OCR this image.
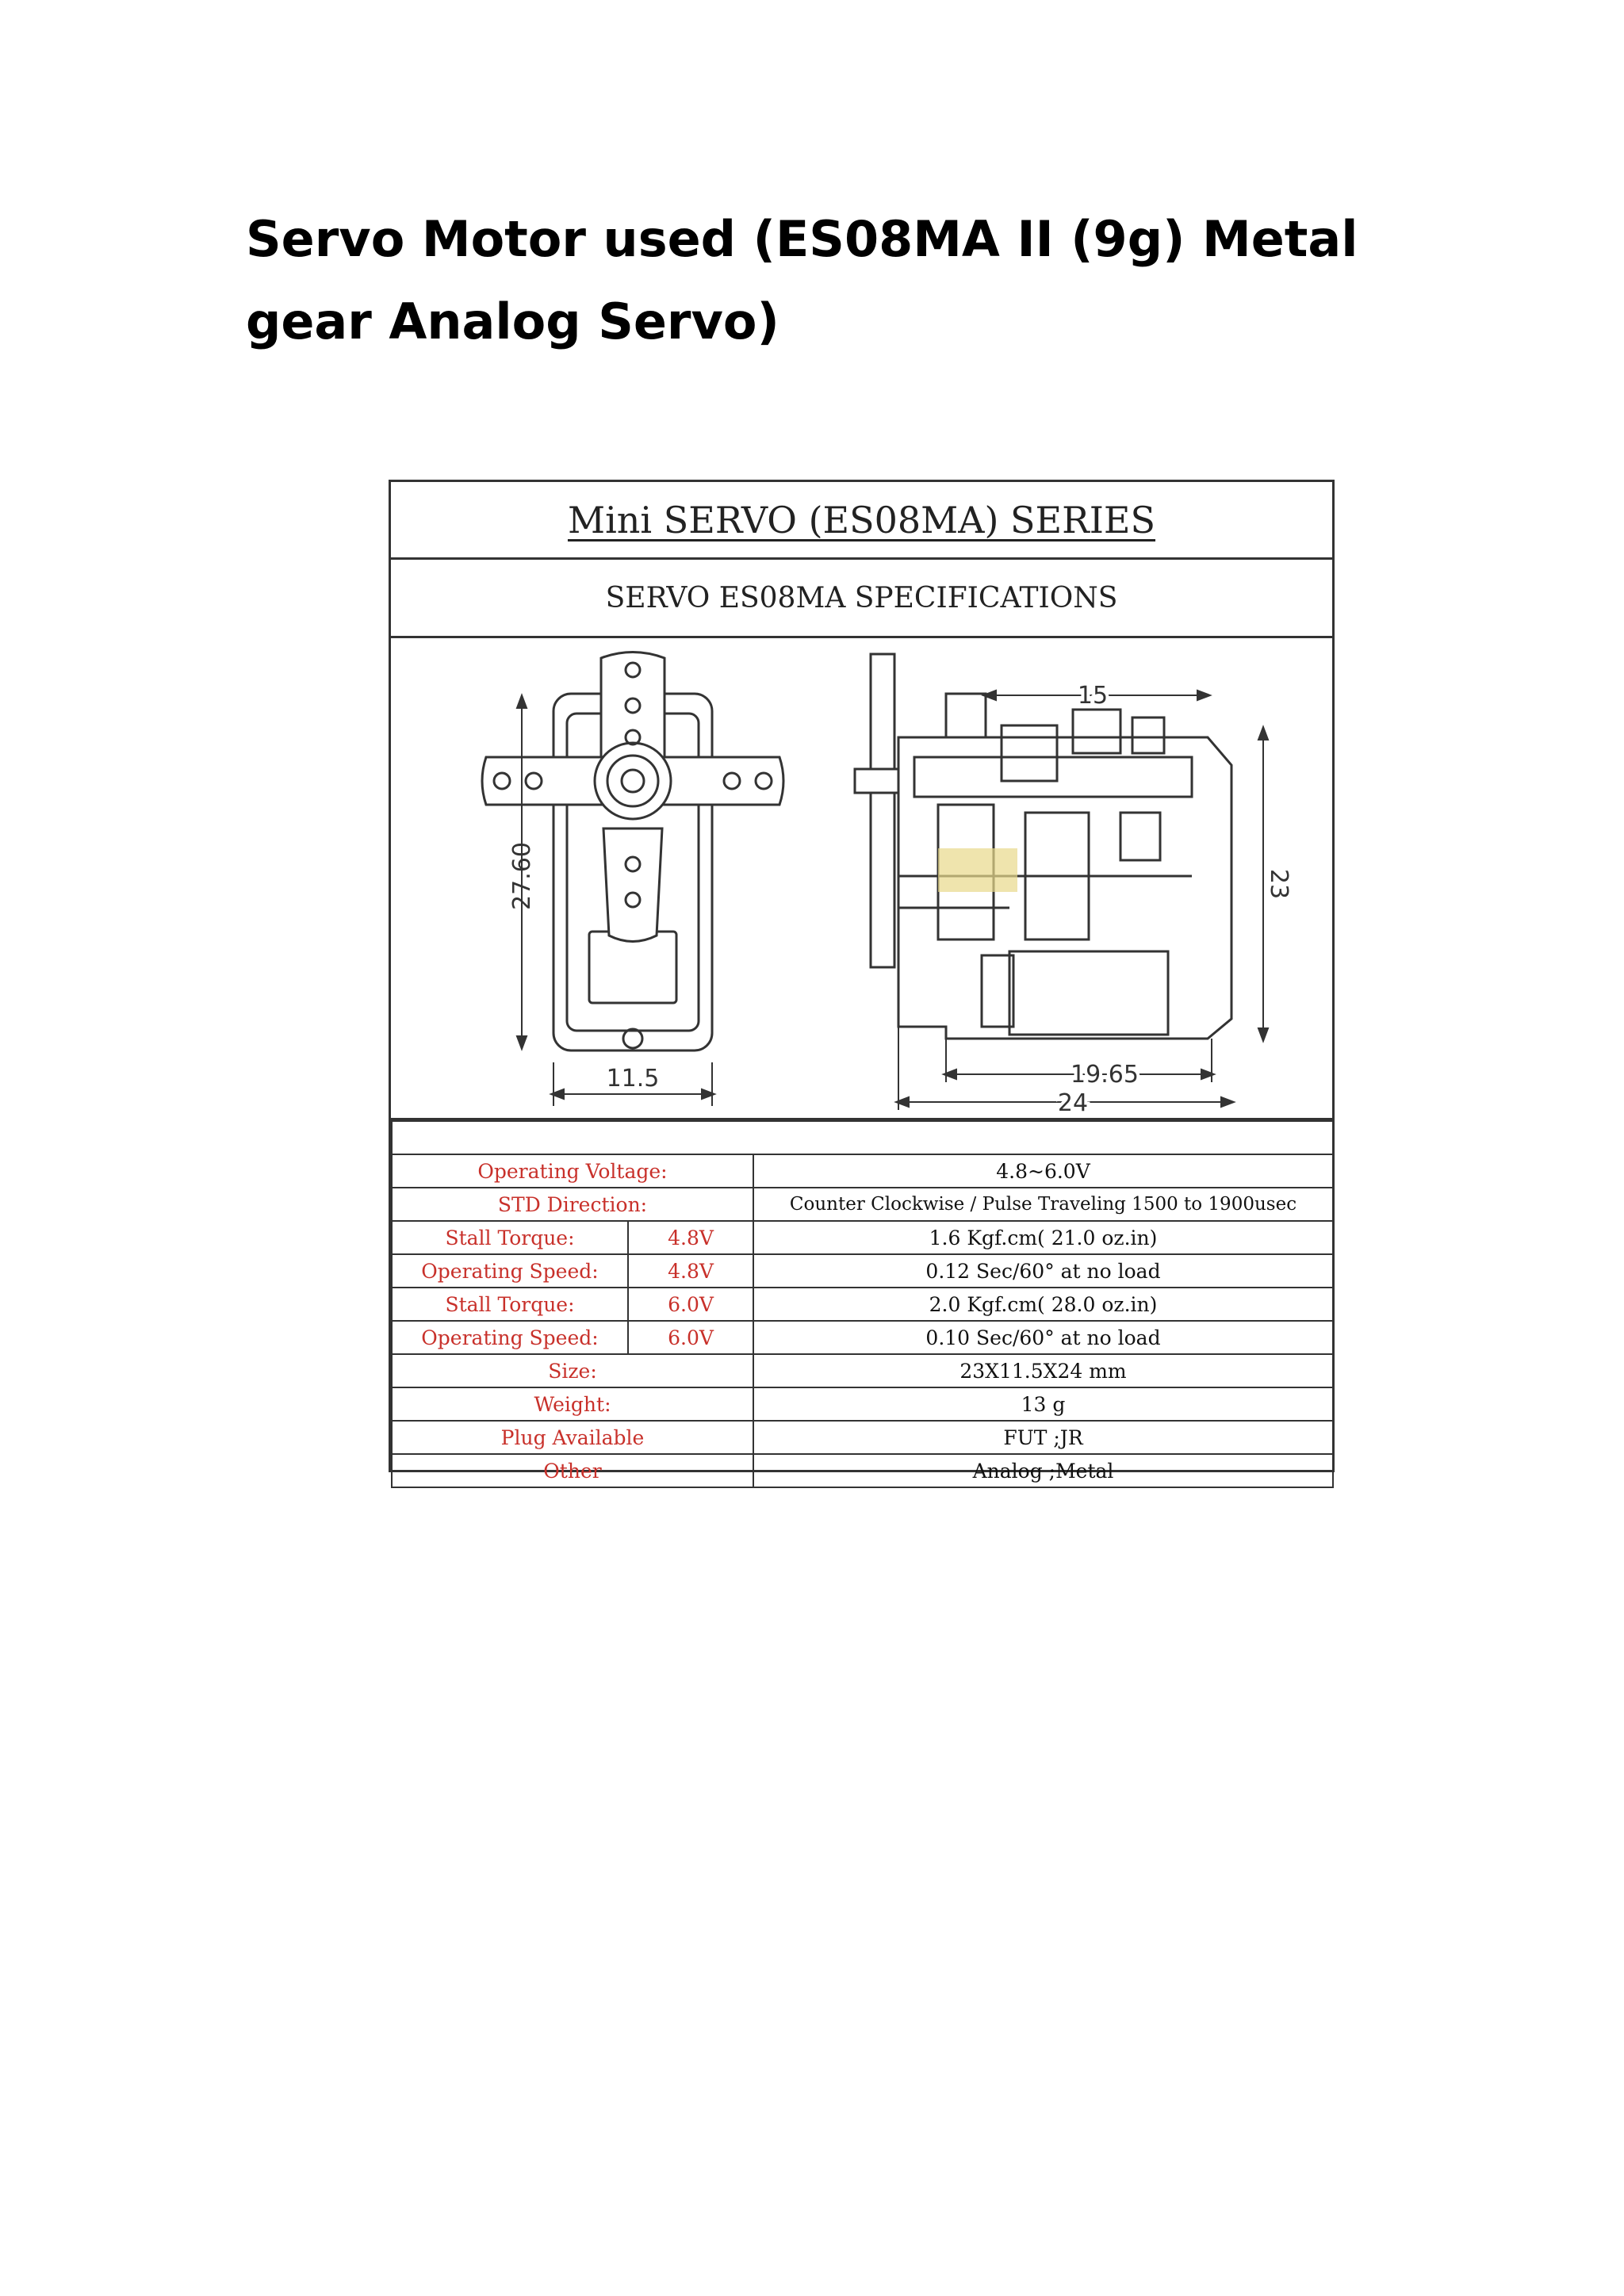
Servo Motor used (ES08MA II (9g) Metal gear Analog Servo)
Mini SERVO (ES08MA) SERIES
SERVO ES08MA SPECIFICATIONS
27.60
11.5
15
23
19.65
24

Operating Voltage:		4.8~6.0V
STD Direction:		Counter Clockwise / Pulse Traveling 1500 to 1900usec
Stall Torque:	4.8V	1.6 Kgf.cm( 21.0 oz.in)
Operating Speed:	4.8V	0.12 Sec/60° at no load
Stall Torque:	6.0V	2.0 Kgf.cm( 28.0 oz.in)
Operating Speed:	6.0V	0.10 Sec/60° at no load
Size:		23X11.5X24 mm
Weight:		13 g
Plug Available		FUT ;JR
Other		Analog ;Metal
